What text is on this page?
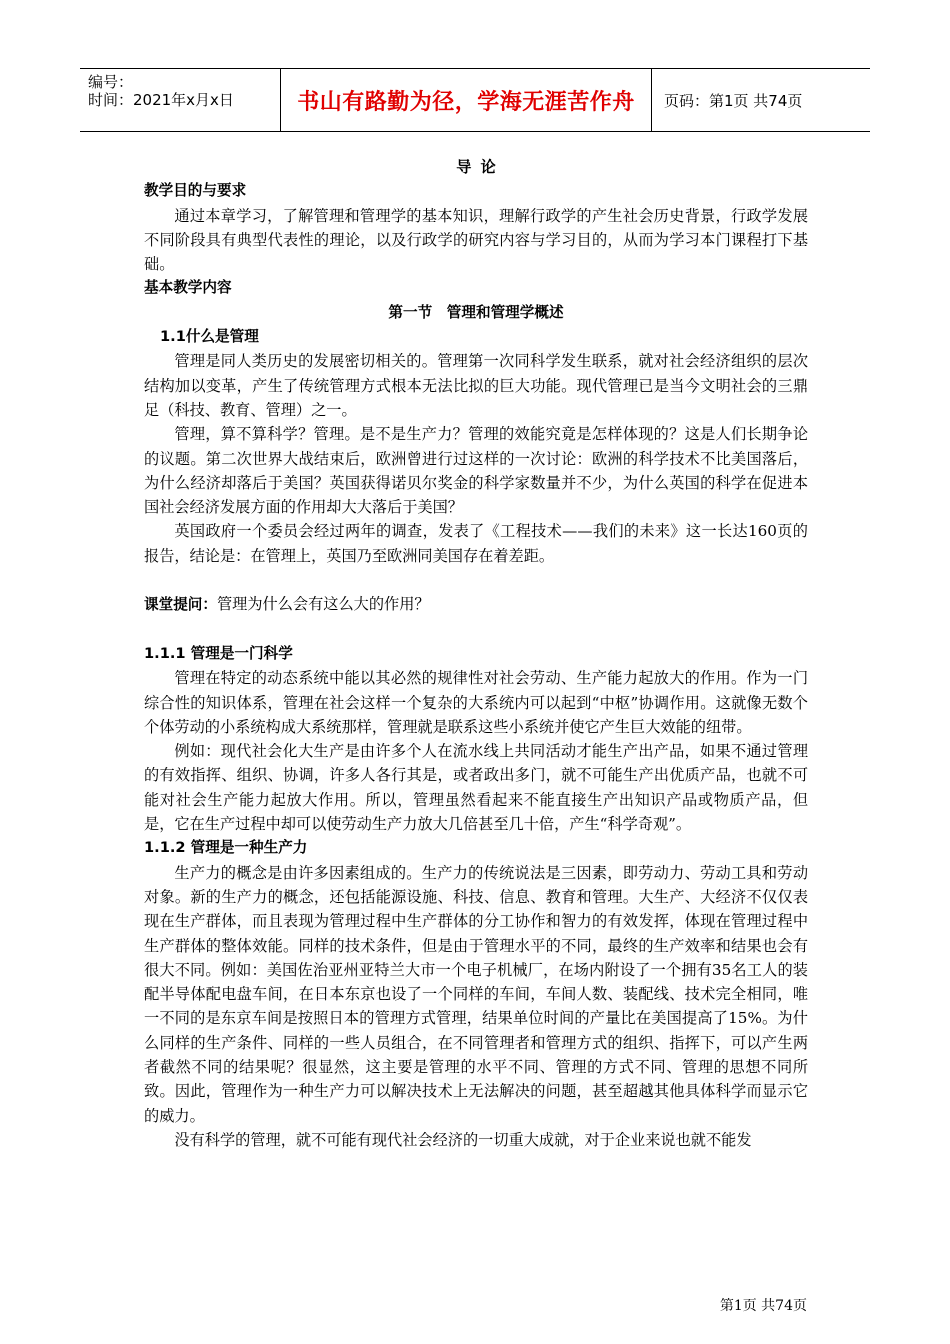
编号：
时间：2021年x月x日	书山有路勤为径，学海无涯苦作舟 页码：第1页 共74页

导论

教学目的与要求

通过本章学习，了解管理和管理学的基本知识，理解行政学的产生社会历史背景，行政学发展不同阶段具有典型代表性的理论，以及行政学的研究内容与学习目的，从而为学习本门课程打下基础。

基本教学内容

第一节　管理和管理学概述

1.1什么是管理

管理是同人类历史的发展密切相关的。管理第一次同科学发生联系，就对社会经济组织的层次结构加以变革，产生了传统管理方式根本无法比拟的巨大功能。现代管理已是当今文明社会的三鼎足（科技、教育、管理）之一。

管理，算不算科学？管理。是不是生产力？管理的效能究竟是怎样体现的？这是人们长期争论的议题。第二次世界大战结束后，欧洲曾进行过这样的一次讨论：欧洲的科学技术不比美国落后，为什么经济却落后于美国？英国获得诺贝尔奖金的科学家数量并不少，为什么英国的科学在促进本国社会经济发展方面的作用却大大落后于美国？

英国政府一个委员会经过两年的调查，发表了《工程技术——我们的未来》这一长达160页的报告，结论是：在管理上，英国乃至欧洲同美国存在着差距。

课堂提问：管理为什么会有这么大的作用？

1.1.1 管理是一门科学

管理在特定的动态系统中能以其必然的规律性对社会劳动、生产能力起放大的作用。作为一门综合性的知识体系，管理在社会这样一个复杂的大系统内可以起到“中枢”协调作用。这就像无数个个体劳动的小系统构成大系统那样，管理就是联系这些小系统并使它产生巨大效能的纽带。

例如：现代社会化大生产是由许多个人在流水线上共同活动才能生产出产品，如果不通过管理的有效指挥、组织、协调，许多人各行其是，或者政出多门，就不可能生产出优质产品，也就不可能对社会生产能力起放大作用。所以，管理虽然看起来不能直接生产出知识产品或物质产品，但是，它在生产过程中却可以使劳动生产力放大几倍甚至几十倍，产生“科学奇观”。

1.1.2 管理是一种生产力

生产力的概念是由许多因素组成的。生产力的传统说法是三因素，即劳动力、劳动工具和劳动对象。新的生产力的概念，还包括能源设施、科技、信息、教育和管理。大生产、大经济不仅仅表现在生产群体，而且表现为管理过程中生产群体的分工协作和智力的有效发挥，体现在管理过程中生产群体的整体效能。同样的技术条件，但是由于管理水平的不同，最终的生产效率和结果也会有很大不同。例如：美国佐治亚州亚特兰大市一个电子机械厂，在场内附设了一个拥有35名工人的装配半导体配电盘车间，在日本东京也设了一个同样的车间，车间人数、装配线、技术完全相同，唯一不同的是东京车间是按照日本的管理方式管理，结果单位时间的产量比在美国提高了15%。为什么同样的生产条件、同样的一些人员组合，在不同管理者和管理方式的组织、指挥下，可以产生两者截然不同的结果呢？很显然，这主要是管理的水平不同、管理的方式不同、管理的思想不同所致。因此，管理作为一种生产力可以解决技术上无法解决的问题，甚至超越其他具体科学而显示它的威力。

没有科学的管理，就不可能有现代社会经济的一切重大成就，对于企业来说也就不能发

第1页 共74页
